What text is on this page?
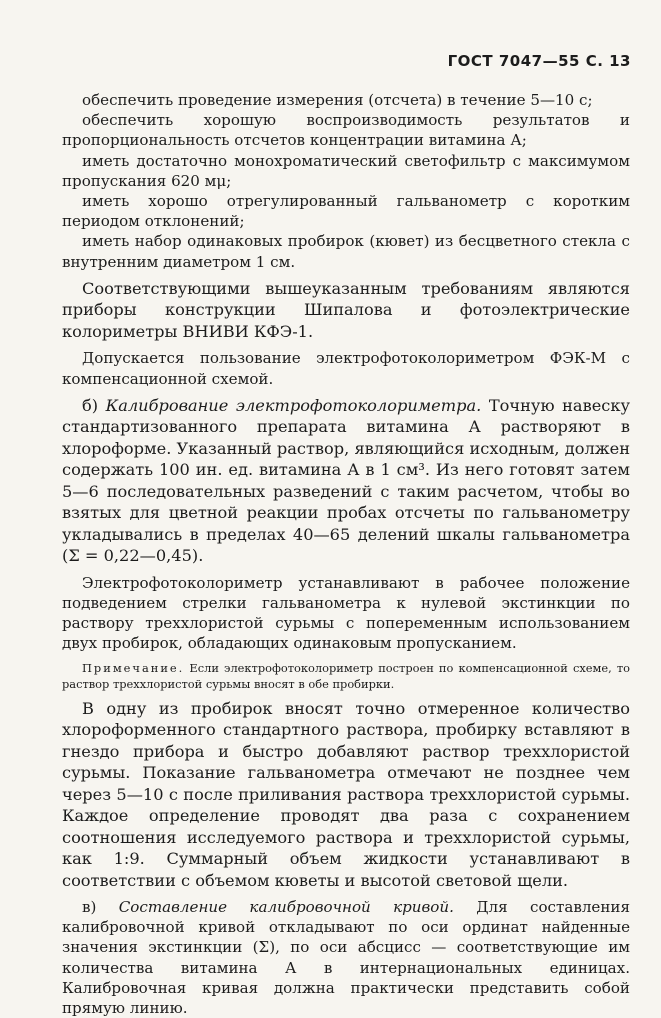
ГОСТ 7047—55 С. 13

обеспечить проведение измерения (отсчета) в течение 5—10 с;

обеспечить хорошую воспроизводимость результатов и пропорциональность отсчетов концентрации витамина А;

иметь достаточно монохроматический светофильтр с максимумом пропускания 620 мμ;

иметь хорошо отрегулированный гальванометр с коротким периодом отклонений;

иметь набор одинаковых пробирок (кювет) из бесцветного стекла с внутренним диаметром 1 см.

Соответствующими вышеуказанным требованиям являются приборы конструкции Шипалова и фотоэлектрические колориметры ВНИВИ КФЭ-1.

Допускается пользование электрофотоколориметром ФЭК-М с компенсационной схемой.

б) Калибрование электрофотоколориметра. Точную навеску стандартизованного препарата витамина А растворяют в хлороформе. Указанный раствор, являющийся исходным, должен содержать 100 ин. ед. витамина А в 1 см³. Из него готовят затем 5—6 последовательных разведений с таким расчетом, чтобы во взятых для цветной реакции пробах отсчеты по гальванометру укладывались в пределах 40—65 делений шкалы гальванометра (Σ = 0,22—0,45).

Электрофотоколориметр устанавливают в рабочее положение подведением стрелки гальванометра к нулевой экстинкции по раствору треххлористой сурьмы с попеременным использованием двух пробирок, обладающих одинаковым пропусканием.

Примечание. Если электрофотоколориметр построен по компенсационной схеме, то раствор треххлористой сурьмы вносят в обе пробирки.

В одну из пробирок вносят точно отмеренное количество хлороформенного стандартного раствора, пробирку вставляют в гнездо прибора и быстро добавляют раствор треххлористой сурьмы. Показание гальванометра отмечают не позднее чем через 5—10 с после приливания раствора треххлористой сурьмы. Каждое определение проводят два раза с сохранением соотношения исследуемого раствора и треххлористой сурьмы, как 1:9. Суммарный объем жидкости устанавливают в соответствии с объемом кюветы и высотой световой щели.

в) Составление калибровочной кривой. Для составления калибровочной кривой откладывают по оси ординат найденные значения экстинкции (Σ), по оси абсцисс — соответствующие им количества витамина А в интернациональных единицах. Калибровочная кривая должна практически представить собой прямую линию.
